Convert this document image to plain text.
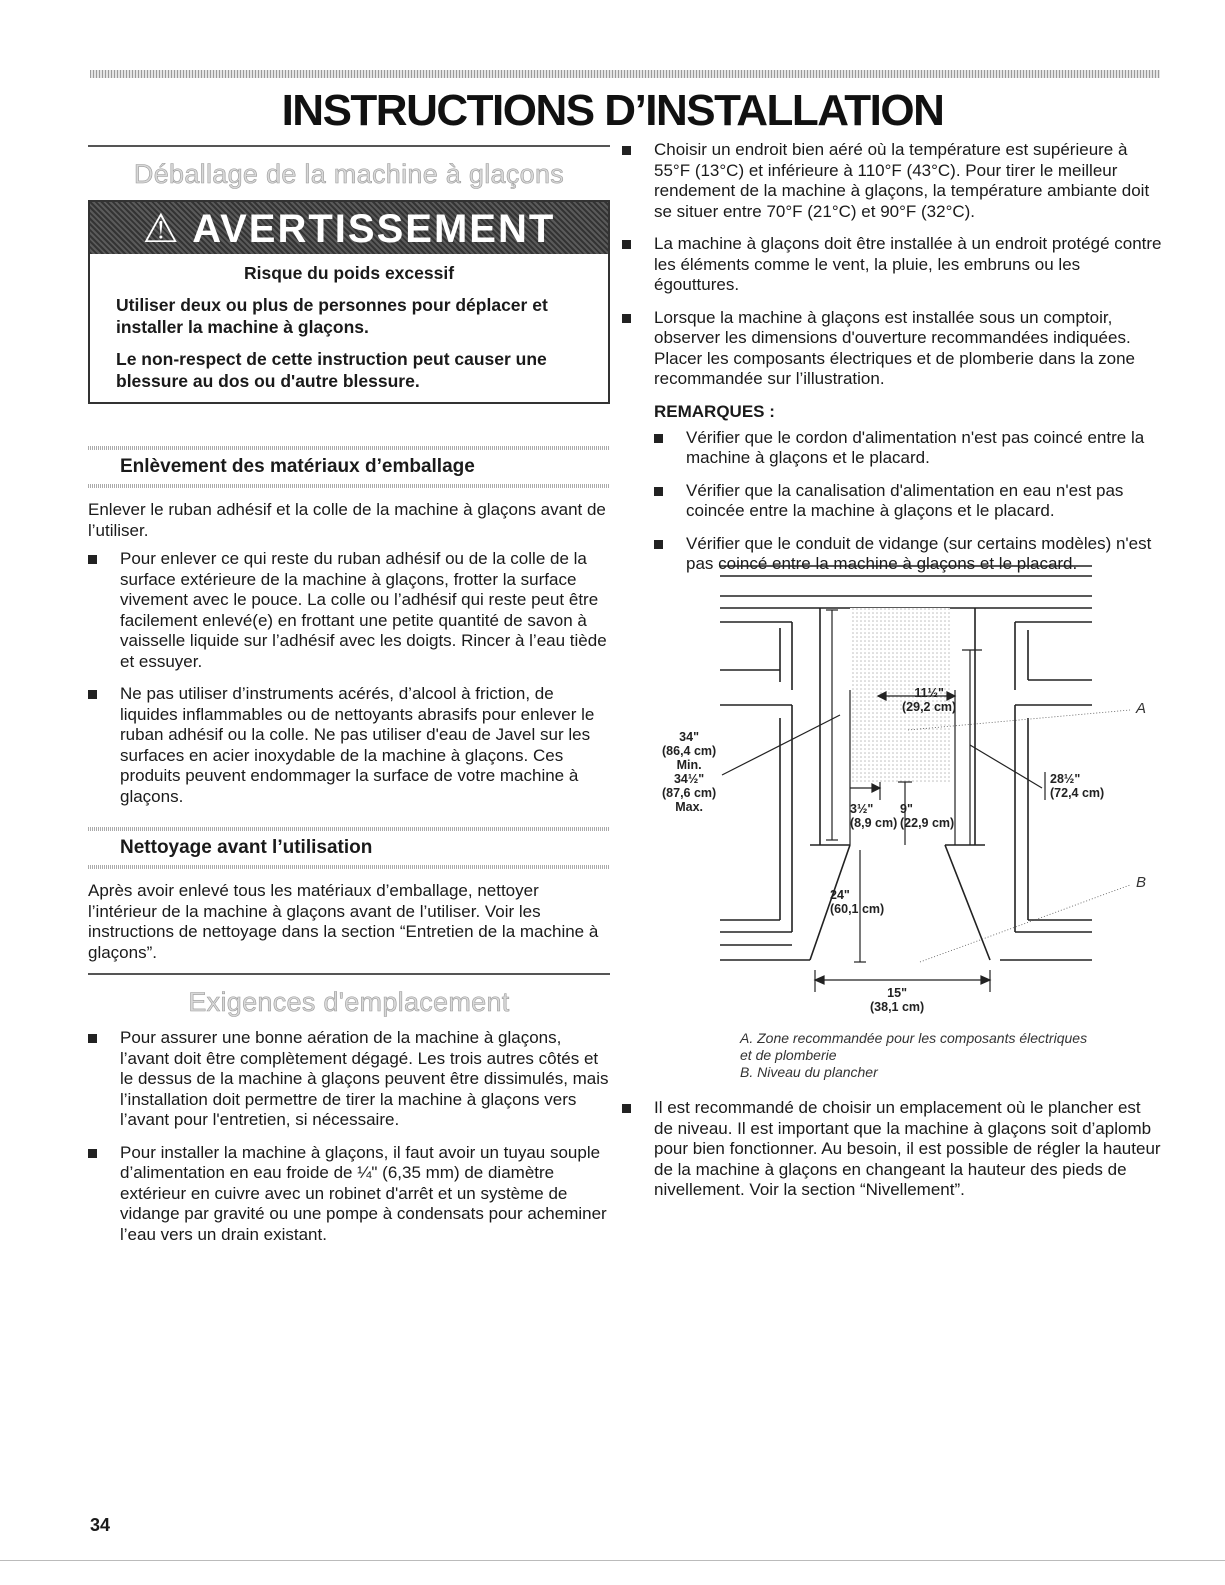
INSTRUCTIONS D’INSTALLATION
Déballage de la machine à glaçons
⚠ AVERTISSEMENT

Risque du poids excessif

Utiliser deux ou plus de personnes pour déplacer et installer la machine à glaçons.

Le non-respect de cette instruction peut causer une blessure au dos ou d'autre blessure.

Enlèvement des matériaux d’emballage
Enlever le ruban adhésif et la colle de la machine à glaçons avant de l’utiliser.
Pour enlever ce qui reste du ruban adhésif ou de la colle de la surface extérieure de la machine à glaçons, frotter la surface vivement avec le pouce. La colle ou l’adhésif qui reste peut être facilement enlevé(e) en frottant une petite quantité de savon à vaisselle liquide sur l’adhésif avec les doigts. Rincer à l’eau tiède et essuyer.
Ne pas utiliser d’instruments acérés, d’alcool à friction, de liquides inflammables ou de nettoyants abrasifs pour enlever le ruban adhésif ou la colle. Ne pas utiliser d'eau de Javel sur les surfaces en acier inoxydable de la machine à glaçons. Ces produits peuvent endommager la surface de votre machine à glaçons.
Nettoyage avant l’utilisation
Après avoir enlevé tous les matériaux d’emballage, nettoyer l’intérieur de la machine à glaçons avant de l’utiliser. Voir les instructions de nettoyage dans la section “Entretien de la machine à glaçons”.
Exigences d'emplacement
Pour assurer une bonne aération de la machine à glaçons, l’avant doit être complètement dégagé. Les trois autres côtés et le dessus de la machine à glaçons peuvent être dissimulés, mais l’installation doit permettre de tirer la machine à glaçons vers l’avant pour l'entretien, si nécessaire.
Pour installer la machine à glaçons, il faut avoir un tuyau souple d’alimentation en eau froide de ¼" (6,35 mm) de diamètre extérieur en cuivre avec un robinet d'arrêt et un système de vidange par gravité ou une pompe à condensats pour acheminer l’eau vers un drain existant.
Choisir un endroit bien aéré où la température est supérieure à 55°F (13°C) et inférieure à 110°F (43°C). Pour tirer le meilleur rendement de la machine à glaçons, la température ambiante doit se situer entre 70°F (21°C) et 90°F (32°C).
La machine à glaçons doit être installée à un endroit protégé contre les éléments comme le vent, la pluie, les embruns ou les égouttures.
Lorsque la machine à glaçons est installée sous un comptoir, observer les dimensions d'ouverture recommandées indiquées. Placer les composants électriques et de plomberie dans la zone recommandée sur l’illustration.
REMARQUES :
Vérifier que le cordon d'alimentation n'est pas coincé entre la machine à glaçons et le placard.
Vérifier que la canalisation d'alimentation en eau n'est pas coincée entre la machine à glaçons et le placard.
Vérifier que le conduit de vidange (sur certains modèles) n'est pas coincé entre la machine à glaçons et le placard.
11½"
(29,2 cm)
34"
(86,4 cm)
Min.
34½"
(87,6 cm)
Max.
28½"
(72,4 cm)
3½"
(8,9 cm)
9"
(22,9 cm)
24"
(60,1 cm)
15"
(38,1 cm)
A
B
A. Zone recommandée pour les composants électriques et de plomberie
B. Niveau du plancher
Il est recommandé de choisir un emplacement où le plancher est de niveau. Il est important que la machine à glaçons soit d’aplomb pour bien fonctionner. Au besoin, il est possible de régler la hauteur de la machine à glaçons en changeant la hauteur des pieds de nivellement. Voir la section “Nivellement”.
34
